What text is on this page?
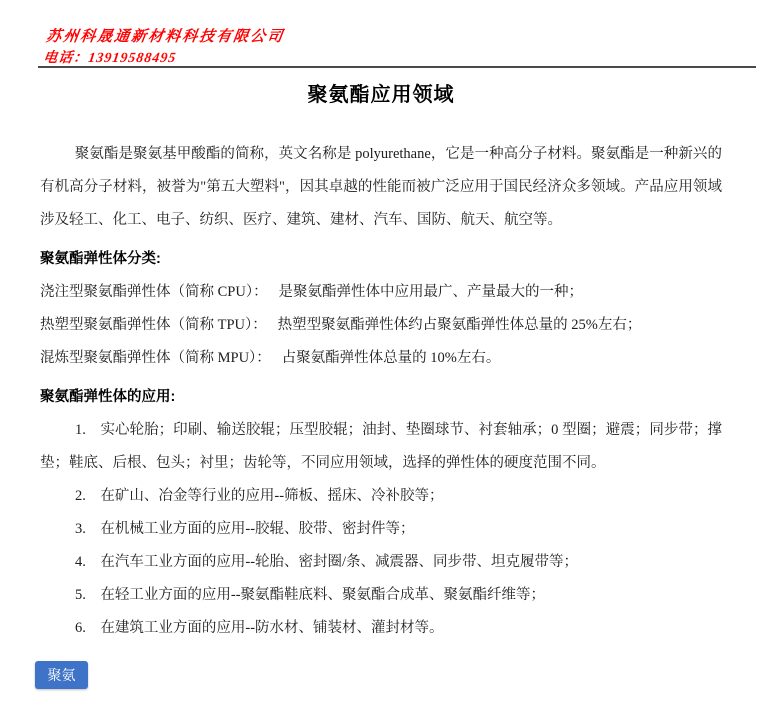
苏州科晟通新材料科技有限公司
电话：13919588495
聚氨酯应用领域

聚氨酯是聚氨基甲酸酯的简称，英文名称是 polyurethane，它是一种高分子材料。聚氨酯是一种新兴的有机高分子材料，被誉为"第五大塑料"，因其卓越的性能而被广泛应用于国民经济众多领域。产品应用领域涉及轻工、化工、电子、纺织、医疗、建筑、建材、汽车、国防、航天、航空等。

聚氨酯弹性体分类:

浇注型聚氨酯弹性体（简称 CPU）：　 是聚氨酯弹性体中应用最广、产量最大的一种；

热塑型聚氨酯弹性体（简称 TPU）：　 热塑型聚氨酯弹性体约占聚氨酯弹性体总量的 25%左右；

混炼型聚氨酯弹性体（简称 MPU）：　 占聚氨酯弹性体总量的 10%左右。

聚氨酯弹性体的应用:

1.　实心轮胎；印刷、输送胶辊；压型胶辊；油封、垫圈球节、衬套轴承；0 型圈；避震；同步带；撑垫；鞋底、后根、包头；衬里；齿轮等，不同应用领域，选择的弹性体的硬度范围不同。

2.　在矿山、冶金等行业的应用--筛板、摇床、冷补胶等；

3.　在机械工业方面的应用--胶辊、胶带、密封件等；

4.　在汽车工业方面的应用--轮胎、密封圈/条、减震器、同步带、坦克履带等；

5.　在轻工业方面的应用--聚氨酯鞋底料、聚氨酯合成革、聚氨酯纤维等；

6.　在建筑工业方面的应用--防水材、铺装材、灌封材等。

聚氨
